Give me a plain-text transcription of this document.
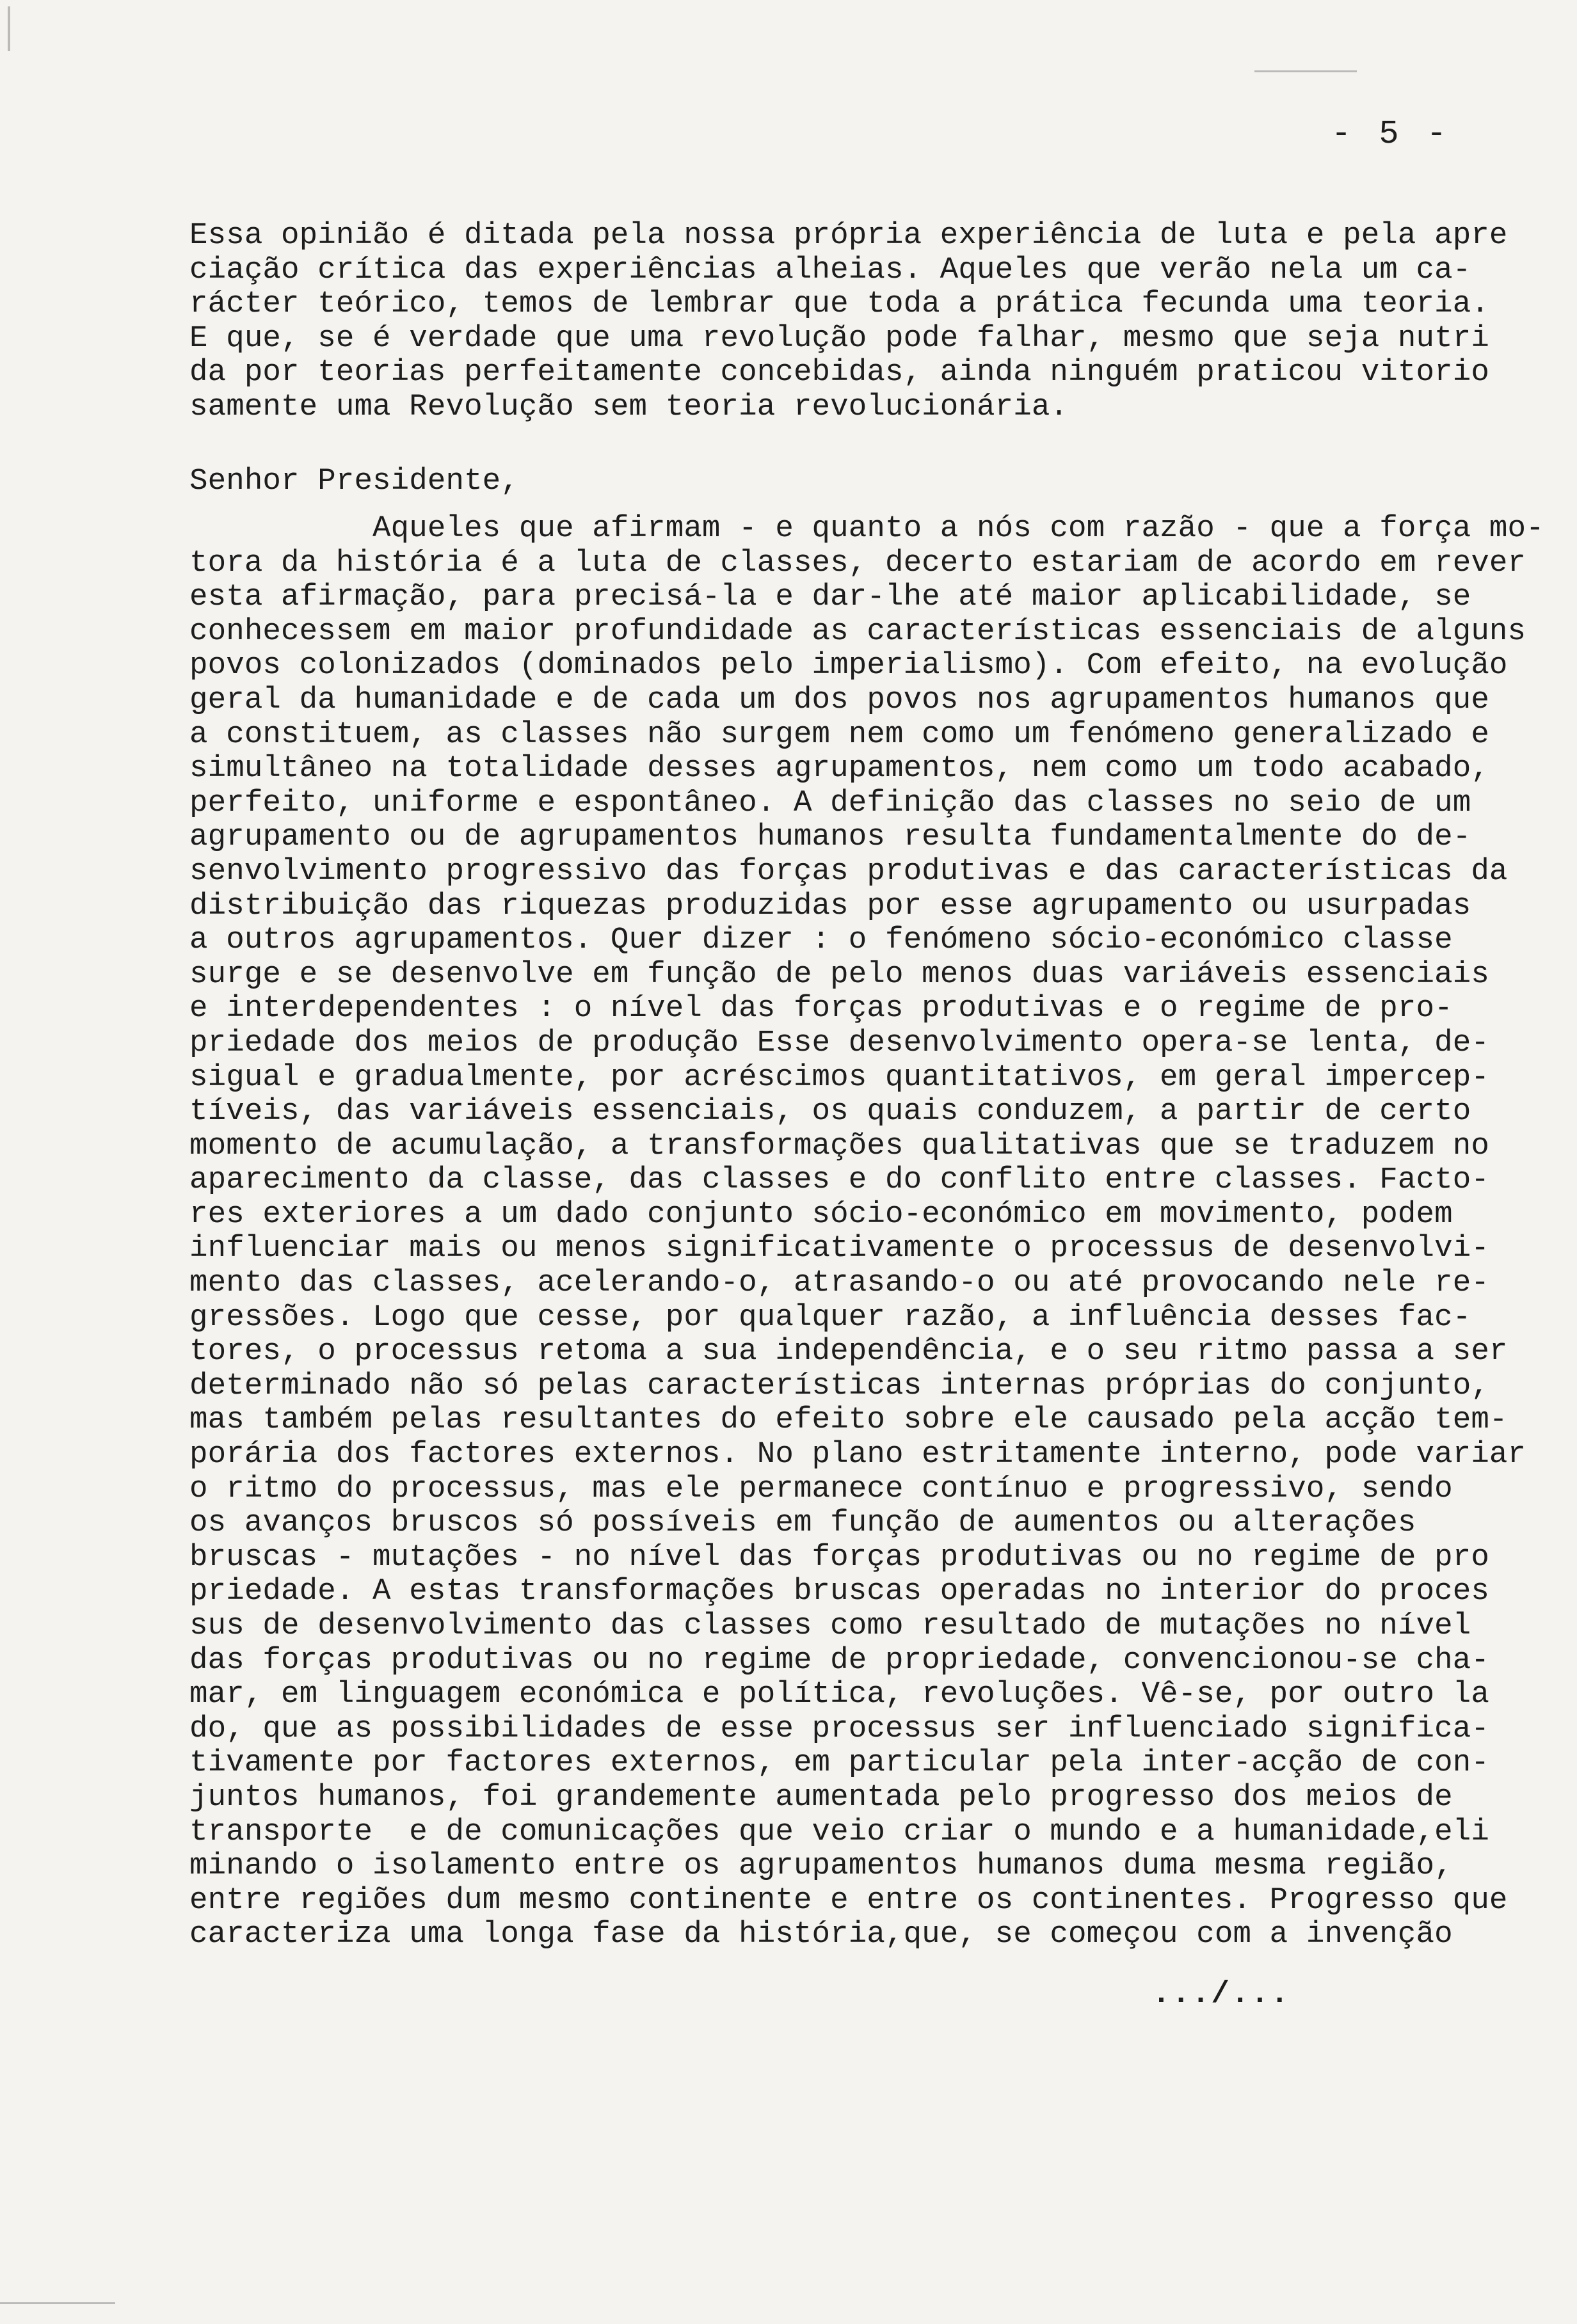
- 5 -
Essa opinião é ditada pela nossa própria experiência de luta e pela apre
ciação crítica das experiências alheias. Aqueles que verão nela um ca-
rácter teórico, temos de lembrar que toda a prática fecunda uma teoria.
E que, se é verdade que uma revolução pode falhar, mesmo que seja nutri
da por teorias perfeitamente concebidas, ainda ninguém praticou vitorio
samente uma Revolução sem teoria revolucionária.
Senhor Presidente,
Aqueles que afirmam - e quanto a nós com razão - que a força mo-
tora da história é a luta de classes, decerto estariam de acordo em rever
esta afirmação, para precisá-la e dar-lhe até maior aplicabilidade, se
conhecessem em maior profundidade as características essenciais de alguns
povos colonizados (dominados pelo imperialismo). Com efeito, na evolução
geral da humanidade e de cada um dos povos nos agrupamentos humanos que
a constituem, as classes não surgem nem como um fenómeno generalizado e
simultâneo na totalidade desses agrupamentos, nem como um todo acabado,
perfeito, uniforme e espontâneo. A definição das classes no seio de um
agrupamento ou de agrupamentos humanos resulta fundamentalmente do de-
senvolvimento progressivo das forças produtivas e das características da
distribuição das riquezas produzidas por esse agrupamento ou usurpadas
a outros agrupamentos. Quer dizer : o fenómeno sócio-económico classe
surge e se desenvolve em função de pelo menos duas variáveis essenciais
e interdependentes : o nível das forças produtivas e o regime de pro-
priedade dos meios de produção Esse desenvolvimento opera-se lenta, de-
sigual e gradualmente, por acréscimos quantitativos, em geral impercep-
tíveis, das variáveis essenciais, os quais conduzem, a partir de certo
momento de acumulação, a transformações qualitativas que se traduzem no
aparecimento da classe, das classes e do conflito entre classes. Facto-
res exteriores a um dado conjunto sócio-económico em movimento, podem
influenciar mais ou menos significativamente o processus de desenvolvi-
mento das classes, acelerando-o, atrasando-o ou até provocando nele re-
gressões. Logo que cesse, por qualquer razão, a influência desses fac-
tores, o processus retoma a sua independência, e o seu ritmo passa a ser
determinado não só pelas características internas próprias do conjunto,
mas também pelas resultantes do efeito sobre ele causado pela acção tem-
porária dos factores externos. No plano estritamente interno, pode variar
o ritmo do processus, mas ele permanece contínuo e progressivo, sendo
os avanços bruscos só possíveis em função de aumentos ou alterações
bruscas - mutações - no nível das forças produtivas ou no regime de pro
priedade. A estas transformações bruscas operadas no interior do proces
sus de desenvolvimento das classes como resultado de mutações no nível
das forças produtivas ou no regime de propriedade, convencionou-se cha-
mar, em linguagem económica e política, revoluções. Vê-se, por outro la
do, que as possibilidades de esse processus ser influenciado significa-
tivamente por factores externos, em particular pela inter-acção de con-
juntos humanos, foi grandemente aumentada pelo progresso dos meios de
transporte  e de comunicações que veio criar o mundo e a humanidade,eli
minando o isolamento entre os agrupamentos humanos duma mesma região,
entre regiões dum mesmo continente e entre os continentes. Progresso que
caracteriza uma longa fase da história,que, se começou com a invenção
.../...
